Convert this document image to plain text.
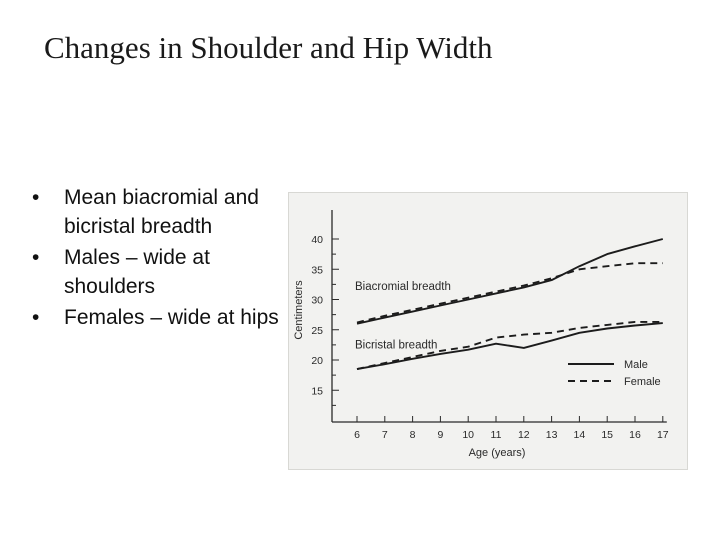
Changes in Shoulder and Hip Width
• Mean biacromial and bicristal breadth
• Males – wide at shoulders
• Females – wide at hips
15
20
25
30
35
40
6 7 8 9 10 11 12 13 14 15 16 17
Age (years)
Centimeters	Biacromial breadth
Bicristal breadth
Male
Female
